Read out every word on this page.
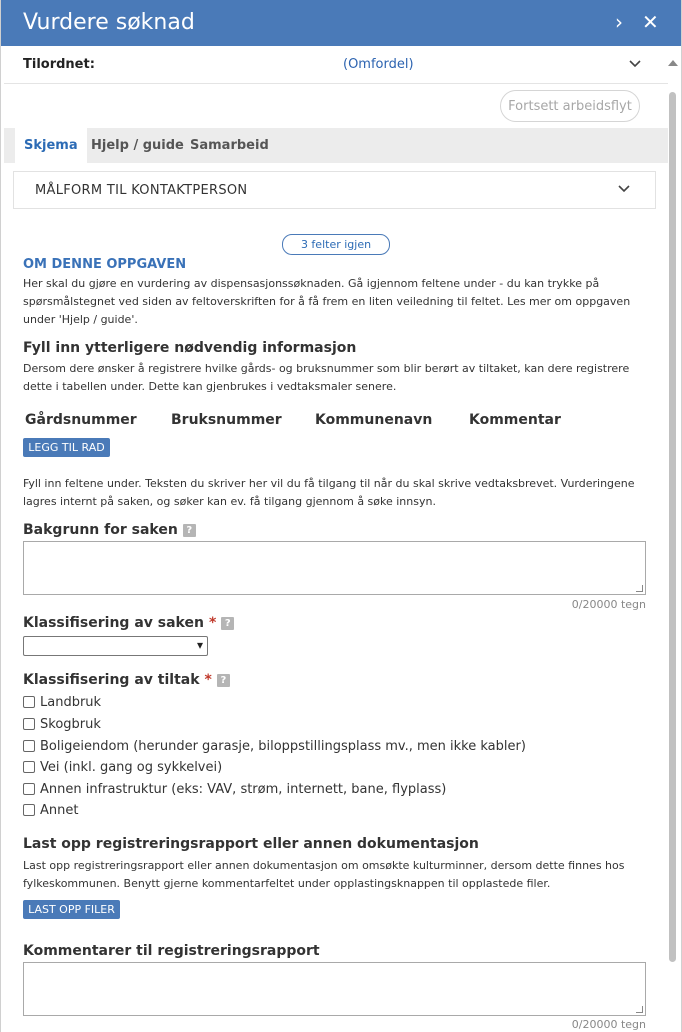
Vurdere søknad	› ✕
Tilordnet:	(Omfordel)
Fortsett arbeidsflyt
Skjema	Hjelp / guide Samarbeid
MÅLFORM TIL KONTAKTPERSON
3 felter igjen
OM DENNE OPPGAVEN
Her skal du gjøre en vurdering av dispensasjonssøknaden. Gå igjennom feltene under - du kan trykke på spørsmålstegnet ved siden av feltoverskriften for å få frem en liten veiledning til feltet. Les mer om oppgaven under 'Hjelp / guide'.
Fyll inn ytterligere nødvendig informasjon
Dersom dere ønsker å registrere hvilke gårds- og bruksnummer som blir berørt av tiltaket, kan dere registrere dette i tabellen under. Dette kan gjenbrukes i vedtaksmaler senere.
Gårdsnummer Bruksnummer Kommunenavn	Kommentar
LEGG TIL RAD
Fyll inn feltene under. Teksten du skriver her vil du få tilgang til når du skal skrive vedtaksbrevet. Vurderingene lagres internt på saken, og søker kan ev. få tilgang gjennom å søke innsyn.
Bakgrunn for saken ?
0/20000 tegn
Klassifisering av saken * ?
▾
Klassifisering av tiltak * ?
Landbruk
Skogbruk
Boligeiendom (herunder garasje, biloppstillingsplass mv., men ikke kabler)
Vei (inkl. gang og sykkelvei)
Annen infrastruktur (eks: VAV, strøm, internett, bane, flyplass)
Annet
Last opp registreringsrapport eller annen dokumentasjon
Last opp registreringsrapport eller annen dokumentasjon om omsøkte kulturminner, dersom dette finnes hos fylkeskommunen. Benytt gjerne kommentarfeltet under opplastingsknappen til opplastede filer.
LAST OPP FILER
Kommentarer til registreringsrapport
0/20000 tegn
